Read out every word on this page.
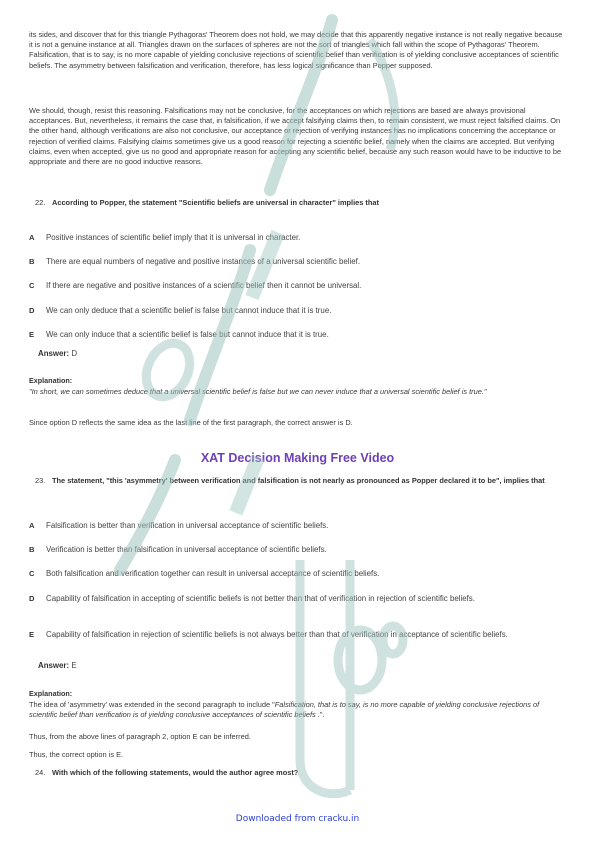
its sides, and discover that for this triangle Pythagoras' Theorem does not hold, we may decide that this apparently negative instance is not really negative because it is not a genuine instance at all. Triangles drawn on the surfaces of spheres are not the sort of triangles which fall within the scope of Pythagoras' Theorem. Falsification, that is to say, is no more capable of yielding conclusive rejections of scientific belief than verification is of yielding conclusive acceptances of scientific beliefs. The asymmetry between falsification and verification, therefore, has less logical significance than Popper supposed.

We should, though, resist this reasoning. Falsifications may not be conclusive, for the acceptances on which rejections are based are always provisional acceptances. But, nevertheless, it remains the case that, in falsification, if we accept falsifying claims then, to remain consistent, we must reject falsified claims. On the other hand, although verifications are also not conclusive, our acceptance or rejection of verifying instances has no implications concerning the acceptance or rejection of verified claims. Falsifying claims sometimes give us a good reason for rejecting a scientific belief, namely when the claims are accepted. But verifying claims, even when accepted, give us no good and appropriate reason for accepting any scientific belief, because any such reason would have to be inductive to be appropriate and there are no good inductive reasons.

22. According to Popper, the statement "Scientific beliefs are universal in character" implies that
A	Positive instances of scientific belief imply that it is universal in character.
B	There are equal numbers of negative and positive instances of a universal scientific belief.
C	If there are negative and positive instances of a scientific belief then it cannot be universal.
D	We can only deduce that a scientific belief is false but cannot induce that it is true.
E	We can only induce that a scientific belief is false but cannot induce that it is true.
Answer: D
Explanation:

"In short, we can sometimes deduce that a universal scientific belief is false but we can never induce that a universal scientific belief is true."

Since option D reflects the same idea as the last line of the first paragraph, the correct answer is D.

XAT Decision Making Free Video
23. The statement, "this 'asymmetry' between verification and falsification is not nearly as pronounced as Popper declared it to be", implies that
A	Falsification is better than verification in universal acceptance of scientific beliefs.
B	Verification is better than falsification in universal acceptance of scientific beliefs.
C	Both falsification and verification together can result in universal acceptance of scientific beliefs.
D	Capability of falsification in accepting of scientific beliefs is not better than that of verification in rejection of scientific beliefs.
E	Capability of falsification in rejection of scientific beliefs is not always better than that of verification in acceptance of scientific beliefs.
Answer: E
Explanation:

The idea of 'asymmetry' was extended in the second paragraph to include "Falsification, that is to say, is no more capable of yielding conclusive rejections of scientific belief than verification is of yielding conclusive acceptances of scientific beliefs .".

Thus, from the above lines of paragraph 2, option E can be inferred.

Thus, the correct option is E.

24. With which of the following statements, would the author agree most?
Downloaded from cracku.in
